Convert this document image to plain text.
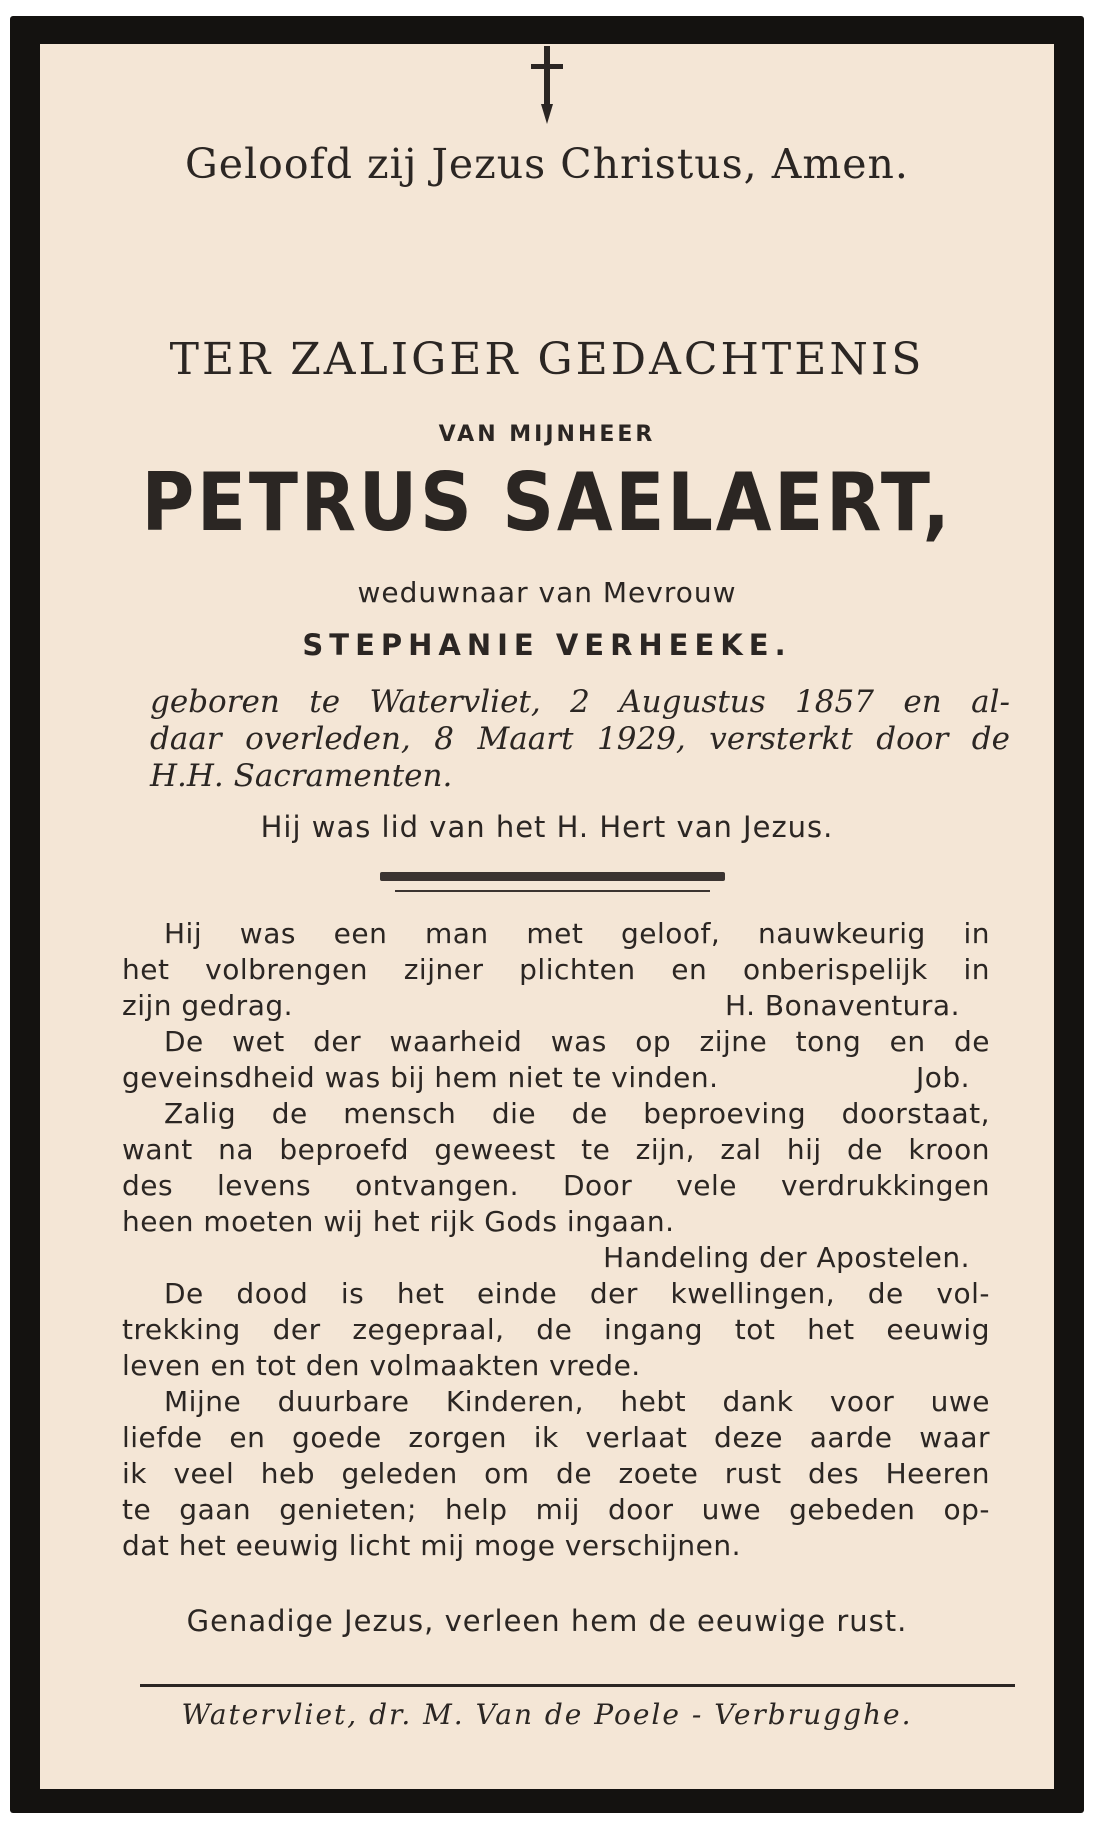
Geloofd zij Jezus Christus, Amen.
TER ZALIGER GEDACHTENIS
VAN MIJNHEER
PETRUS SAELAERT,
weduwnaar van Mevrouw
STEPHANIE VERHEEKE.
geboren te Watervliet, 2 Augustus 1857 en al-
daar overleden, 8 Maart 1929, versterkt door de
H.H. Sacramenten.
Hij was lid van het H. Hert van Jezus.
Hij was een man met geloof, nauwkeurig in
het volbrengen zijner plichten en onberispelijk in
zijn gedrag.	H. Bonaventura.
De wet der waarheid was op zijne tong en de
geveinsdheid was bij hem niet te vinden.	Job.
Zalig de mensch die de beproeving doorstaat,
want na beproefd geweest te zijn, zal hij de kroon
des levens ontvangen. Door vele verdrukkingen
heen moeten wij het rijk Gods ingaan.
Handeling der Apostelen.
De dood is het einde der kwellingen, de vol-
trekking der zegepraal, de ingang tot het eeuwig
leven en tot den volmaakten vrede.
Mijne duurbare Kinderen, hebt dank voor uwe
liefde en goede zorgen ik verlaat deze aarde waar
ik veel heb geleden om de zoete rust des Heeren
te gaan genieten; help mij door uwe gebeden op-
dat het eeuwig licht mij moge verschijnen.
Genadige Jezus, verleen hem de eeuwige rust.
Watervliet, dr. M. Van de Poele - Verbrugghe.
